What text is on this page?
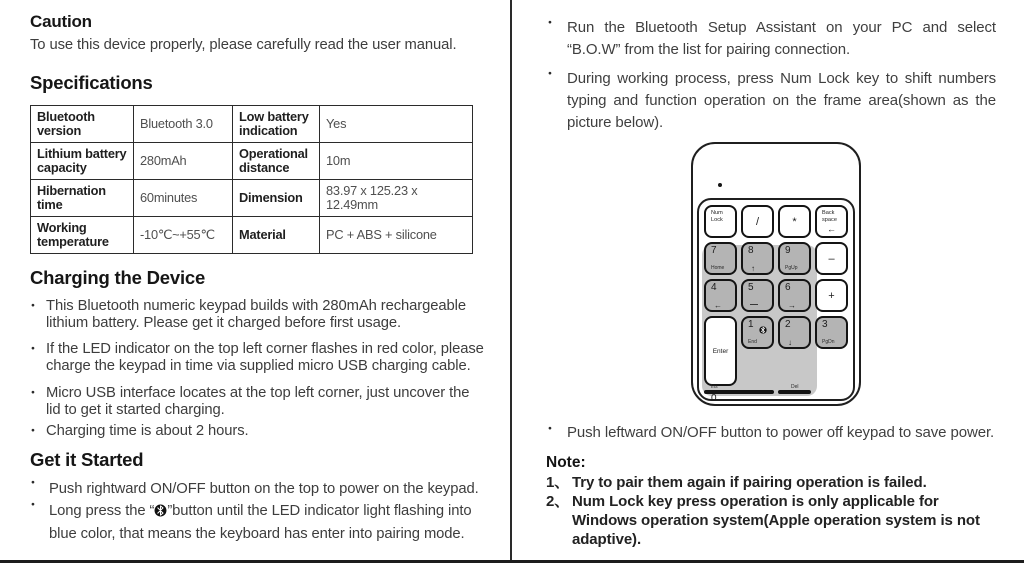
Caution

To use this device properly, please carefully read the user manual.

Specifications
Bluetooth version	Bluetooth 3.0	Low battery indication	Yes
Lithium battery capacity	280mAh	Operational distance	10m
Hibernation time	60minutes	Dimension	83.97 x 125.23 x 12.49mm
Working temperature	-10℃~+55℃	Material	PC + ABS + silicone
Charging the Device
● This Bluetooth numeric keypad builds with 280mAh rechargeable lithium battery. Please get it charged before first usage.
● If the LED indicator on the top left corner flashes in red color, please charge the keypad in time via supplied micro USB charging cable.
● Micro USB interface locates at the top left corner, just uncover the lid to get it started charging.
● Charging time is about 2 hours.
Get it Started
● Push rightward ON/OFF button on the top to power on the keypad.
● Long press the “ ”button until the LED indicator light flashing into blue color, that means the keyboard has enter into pairing mode.
● Run the Bluetooth Setup Assistant on your PC and select “B.O.W” from the list for pairing connection.
● During working process, press Num Lock key to shift numbers typing and function operation on the frame area(shown as the picture below).
Num
Lock	/	*
Back
space
←
7
Home
8
↑
9
PgUp
–
4
←
5
—
6
→
+
1
End
2
↓
3
PgDn
Enter
0
Ins
.
Del
● Push leftward ON/OFF button to power off keypad to save power.
Note:
1、 Try to pair them again if pairing operation is failed.
2、 Num Lock key press operation is only applicable for Windows operation system(Apple operation system is not adaptive).
